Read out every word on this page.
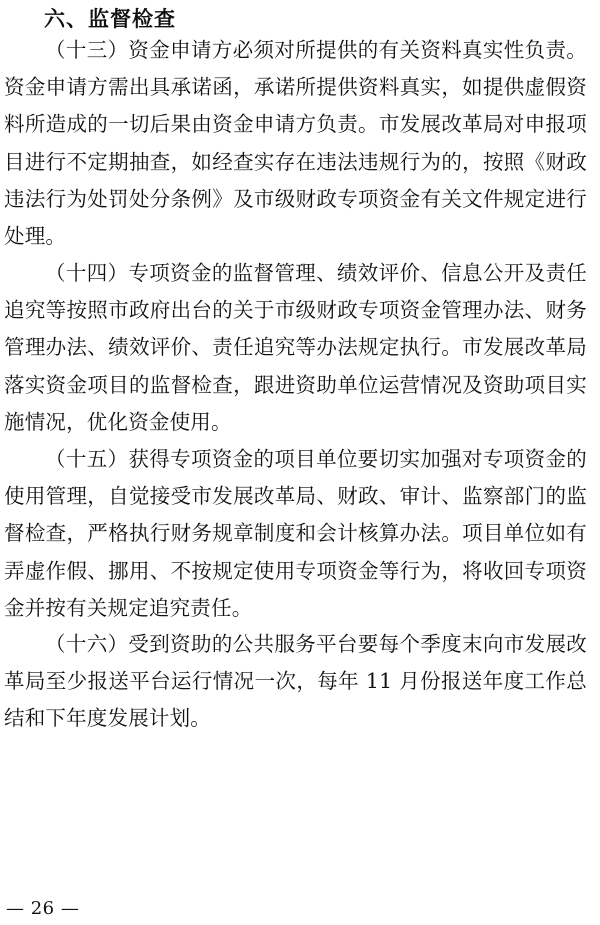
六、监督检查

（十三）资金申请方必须对所提供的有关资料真实性负责。资金申请方需出具承诺函，承诺所提供资料真实，如提供虚假资料所造成的一切后果由资金申请方负责。市发展改革局对申报项目进行不定期抽查，如经查实存在违法违规行为的，按照《财政违法行为处罚处分条例》及市级财政专项资金有关文件规定进行处理。

（十四）专项资金的监督管理、绩效评价、信息公开及责任追究等按照市政府出台的关于市级财政专项资金管理办法、财务管理办法、绩效评价、责任追究等办法规定执行。市发展改革局落实资金项目的监督检查，跟进资助单位运营情况及资助项目实施情况，优化资金使用。

（十五）获得专项资金的项目单位要切实加强对专项资金的使用管理，自觉接受市发展改革局、财政、审计、监察部门的监督检查，严格执行财务规章制度和会计核算办法。项目单位如有弄虚作假、挪用、不按规定使用专项资金等行为，将收回专项资金并按有关规定追究责任。

（十六）受到资助的公共服务平台要每个季度末向市发展改革局至少报送平台运行情况一次，每年 11 月份报送年度工作总结和下年度发展计划。

— 26 —
